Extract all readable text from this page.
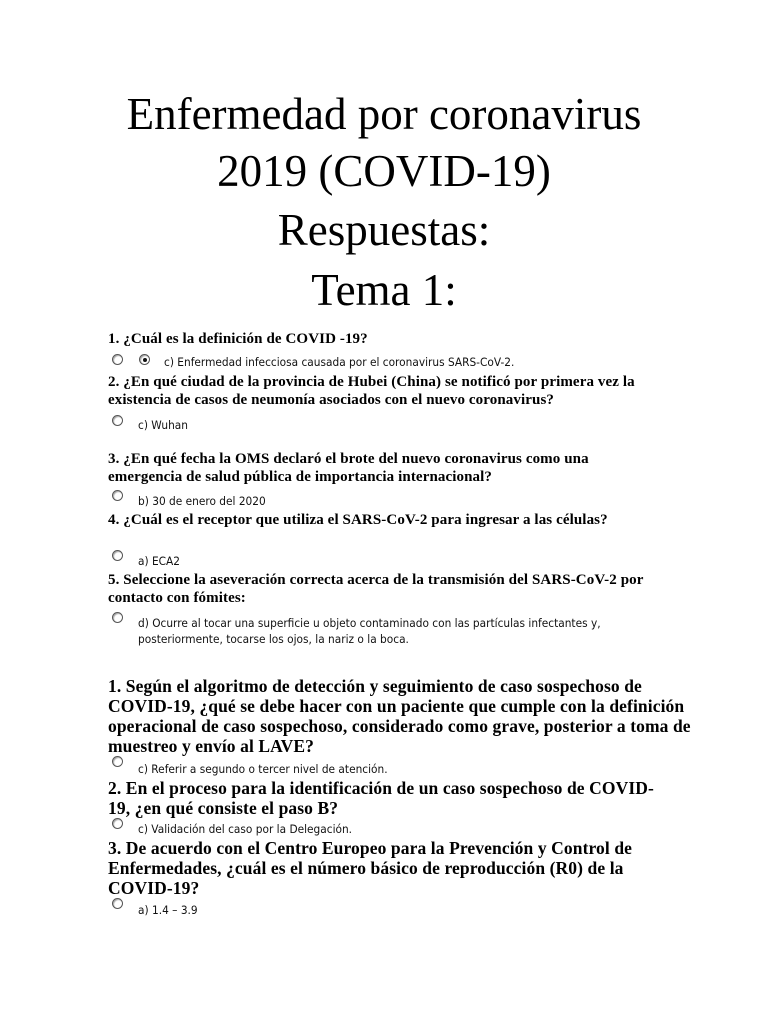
Enfermedad por coronavirus
2019 (COVID-19)
Respuestas:
Tema 1:

1. ¿Cuál es la definición de COVID -19?

c) Enfermedad infecciosa causada por el coronavirus SARS-CoV-2.

2. ¿En qué ciudad de la provincia de Hubei (China) se notificó por primera vez la existencia de casos de neumonía asociados con el nuevo coronavirus?

c) Wuhan

3. ¿En qué fecha la OMS declaró el brote del nuevo coronavirus como una emergencia de salud pública de importancia internacional?

b) 30 de enero del 2020

4. ¿Cuál es el receptor que utiliza el SARS-CoV-2 para ingresar a las células?

a) ECA2

5. Seleccione la aseveración correcta acerca de la transmisión del SARS-CoV-2 por contacto con fómites:

d) Ocurre al tocar una superficie u objeto contaminado con las partículas infectantes y, posteriormente, tocarse los ojos, la nariz o la boca.

1. Según el algoritmo de detección y seguimiento de caso sospechoso de COVID-19, ¿qué se debe hacer con un paciente que cumple con la definición operacional de caso sospechoso, considerado como grave, posterior a toma de muestreo y envío al LAVE?

c) Referir a segundo o tercer nivel de atención.

2. En el proceso para la identificación de un caso sospechoso de COVID-19, ¿en qué consiste el paso B?

c) Validación del caso por la Delegación.

3. De acuerdo con el Centro Europeo para la Prevención y Control de Enfermedades, ¿cuál es el número básico de reproducción (R0) de la COVID-19?

a) 1.4 – 3.9
